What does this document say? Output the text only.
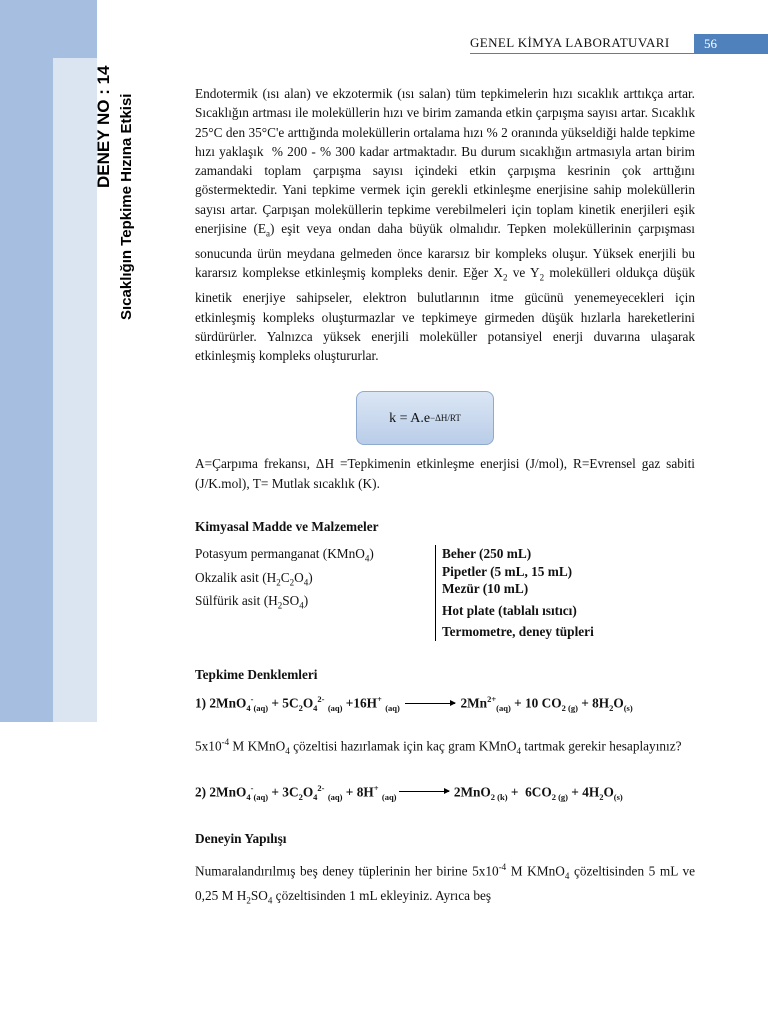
DENEY NO : 14 Sıcaklığın Tepkime Hızına Etkisi
GENEL KİMYA LABORATUVARI	56

Endotermik (ısı alan) ve ekzotermik (ısı salan) tüm tepkimelerin hızı sıcaklık arttıkça artar. Sıcaklığın artması ile moleküllerin hızı ve birim zamanda etkin çarpışma sayısı artar. Sıcaklık 25°C den 35°C'e arttığında moleküllerin ortalama hızı % 2 oranında yükseldiği halde tepkime hızı yaklaşık  % 200 - % 300 kadar artmaktadır. Bu durum sıcaklığın artmasıyla artan birim zamandaki toplam çarpışma sayısı içindeki etkin çarpışma kesrinin çok arttığını göstermektedir. Yani tepkime vermek için gerekli etkinleşme enerjisine sahip moleküllerin sayısı artar. Çarpışan moleküllerin tepkime verebilmeleri için toplam kinetik enerjileri eşik enerjisine $(E_a)$ eşit veya ondan daha büyük olmalıdır. Tepken moleküllerinin çarpışması sonucunda ürün meydana gelmeden önce kararsız bir kompleks oluşur. Yüksek enerjili bu kararsız komplekse etkinleşmiş kompleks denir. Eğer $X_2$ ve $Y_2$ molekülleri oldukça düşük kinetik enerjiye sahipseler, elektron bulutlarının itme gücünü yenemeyecekleri için etkinleşmiş kompleks oluşturmazlar ve tepkimeye girmeden düşük hızlarla hareketlerini sürdürürler. Yalnızca yüksek enerjili moleküller potansiyel enerji duvarına ulaşarak etkinleşmiş kompleks oluştururlar.

k = A.e −ΔH/RT

A=Çarpıma frekansı, ΔH =Tepkimenin etkinleşme enerjisi (J/mol), R=Evrensel gaz sabiti (J/K.mol), T= Mutlak sıcaklık (K).

Kimyasal Madde ve Malzemeler

Potasyum permanganat (KMnO$_4$)
Okzalik asit $(H_2C_2O_4)$
Sülfürik asit $(H_2SO_4)$
Beher (250 mL)
Pipetler (5 mL, 15 mL)
Mezür (10 mL)
Hot plate (tablalı ısıtıcı)
Termometre, deney tüpleri

Tepkime Denklemleri

1) $2MnO_4^-_{(aq)} + 5C_2O_4^{2-}$ $_{(aq)}$ +16H+ $_{(aq)}$	$2Mn^{2+}_{(aq)} + 10$ $CO_{2 (g)} + 8H_2O_{(s)}$

$5x10^{-4}$ M KMnO$_4$ çözeltisi hazırlamak için kaç gram KMnO$_4$ tartmak gerekir hesaplayınız?

2) $2MnO_4^-_{(aq)} + 3C_2O_4^{2-}$ $_{(aq)}$ + 8H+ $_{(aq)}$	$2MnO_{2 (k)} + 6CO_{2 (g)} + 4H_2O_{(s)}$

Deneyin Yapılışı

Numaralandırılmış beş deney tüplerinin her birine $5x10^{-4}$ M KMnO$_4$ çözeltisinden 5 mL ve 0,25 M $H_2SO_4$ çözeltisinden 1 mL ekleyiniz. Ayrıca beş
